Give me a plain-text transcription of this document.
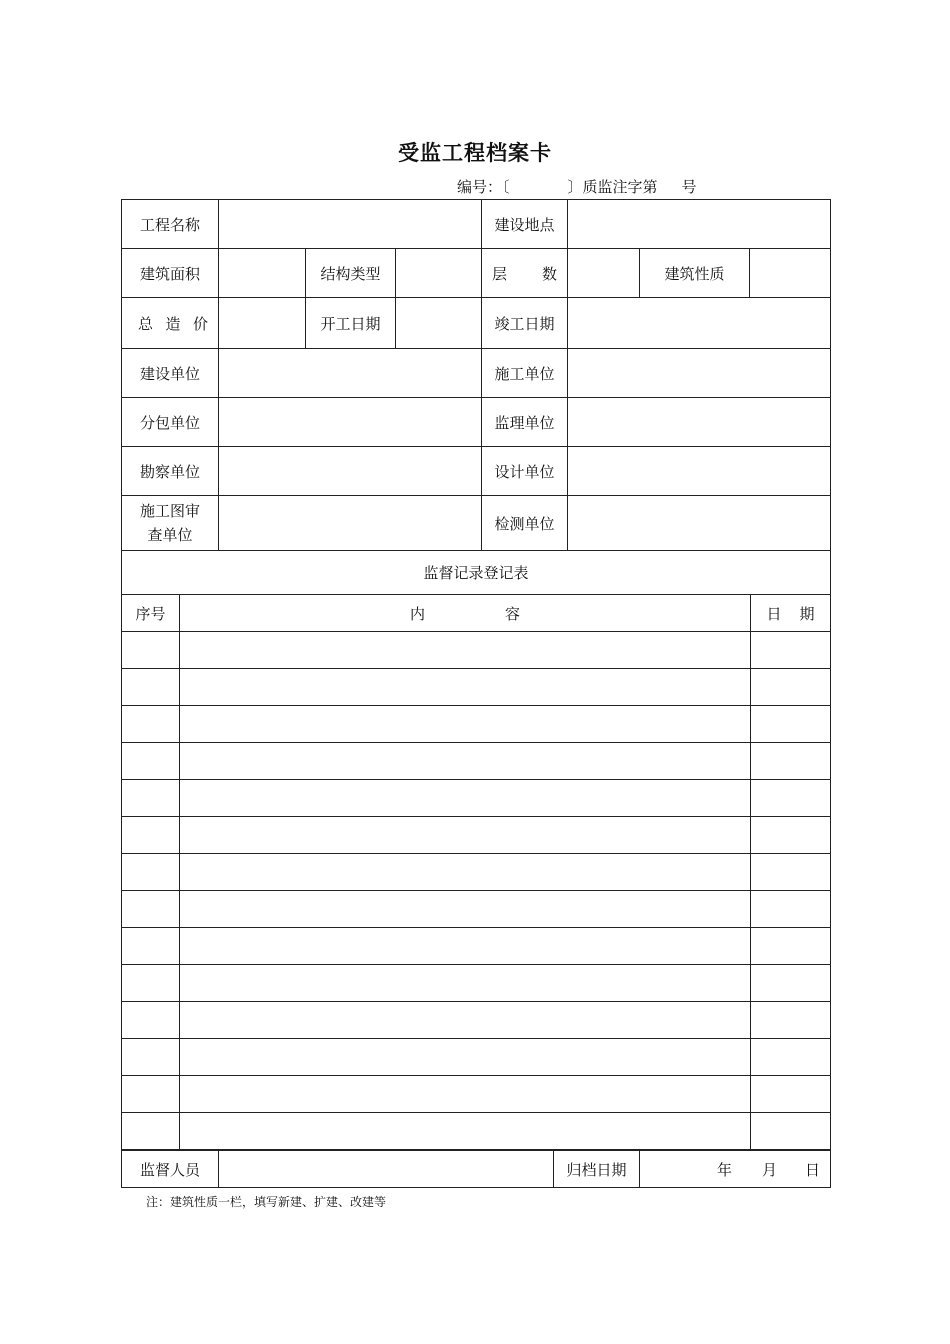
受监工程档案卡
编号：〔	〕质监注字第 号
工程名称				建设地点			
建筑面积		结构类型		层 数		建筑性质	

总 造 价		开工日期		竣工日期			
建设单位				施工单位			
分包单位				监理单位			
勘察单位				设计单位			

施工图审
查单位				检测单位			
监督记录登记表							
序号	内 容	日 期

监督人员		归档日期	年 月 日
注：建筑性质一栏，填写新建、扩建、改建等
